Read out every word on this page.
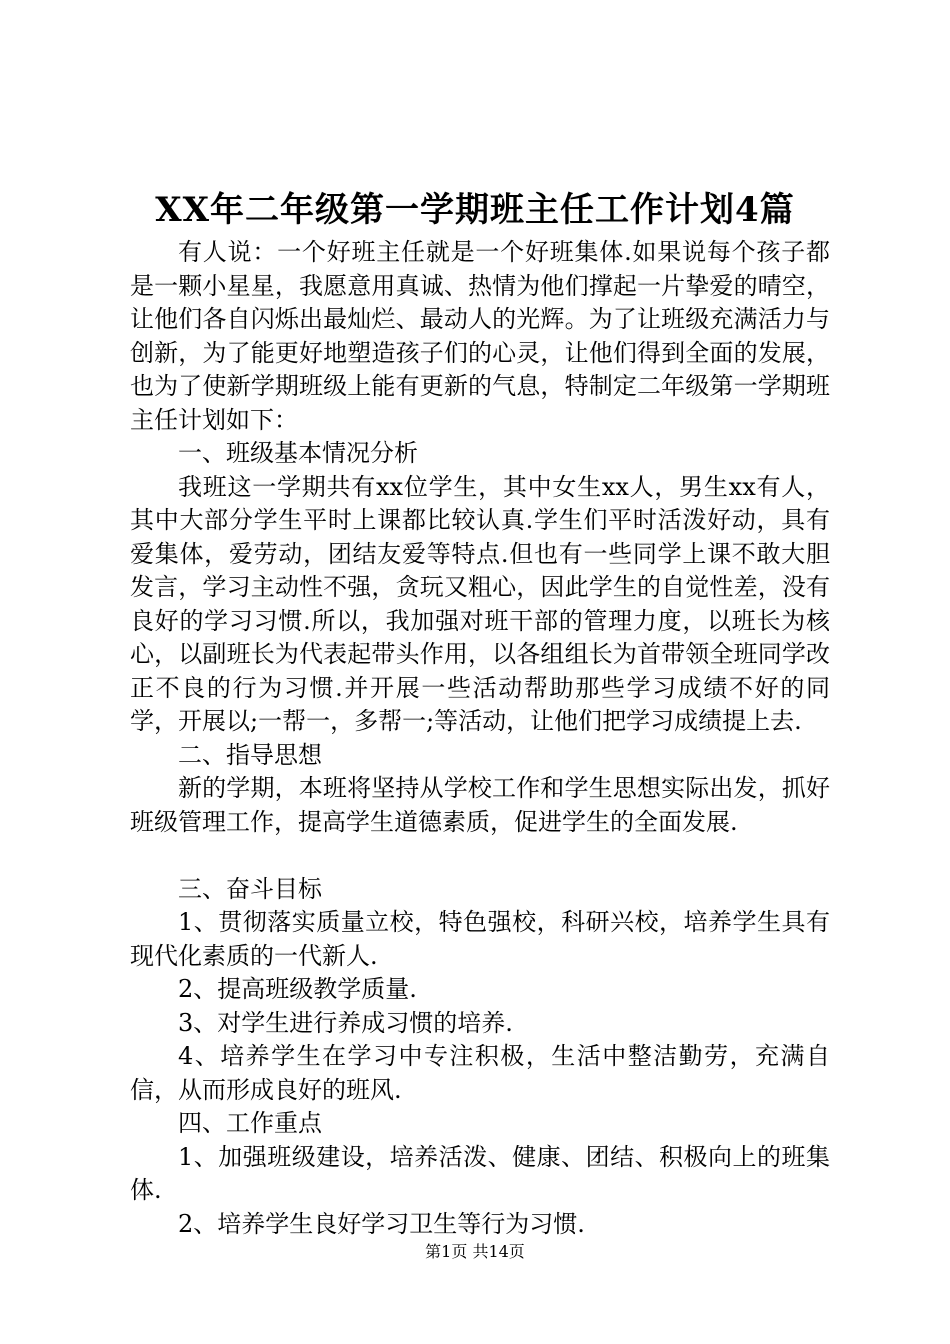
XX年二年级第一学期班主任工作计划4篇

有人说：一个好班主任就是一个好班集体.如果说每个孩子都是一颗小星星，我愿意用真诚、热情为他们撑起一片挚爱的晴空，让他们各自闪烁出最灿烂、最动人的光辉。为了让班级充满活力与创新，为了能更好地塑造孩子们的心灵，让他们得到全面的发展，也为了使新学期班级上能有更新的气息，特制定二年级第一学期班主任计划如下：

一、班级基本情况分析

我班这一学期共有xx位学生，其中女生xx人，男生xx有人，其中大部分学生平时上课都比较认真.学生们平时活泼好动，具有爱集体，爱劳动，团结友爱等特点.但也有一些同学上课不敢大胆发言，学习主动性不强，贪玩又粗心，因此学生的自觉性差，没有良好的学习习惯.所以，我加强对班干部的管理力度，以班长为核心，以副班长为代表起带头作用，以各组组长为首带领全班同学改正不良的行为习惯.并开展一些活动帮助那些学习成绩不好的同学，开展以;一帮一，多帮一;等活动，让他们把学习成绩提上去.

二、指导思想

新的学期，本班将坚持从学校工作和学生思想实际出发，抓好班级管理工作，提高学生道德素质，促进学生的全面发展.

三、奋斗目标

1、贯彻落实质量立校，特色强校，科研兴校，培养学生具有现代化素质的一代新人.

2、提高班级教学质量.

3、对学生进行养成习惯的培养.

4、培养学生在学习中专注积极，生活中整洁勤劳，充满自信，从而形成良好的班风.

四、工作重点

1、加强班级建设，培养活泼、健康、团结、积极向上的班集体.

2、培养学生良好学习卫生等行为习惯.

第1页 共14页
